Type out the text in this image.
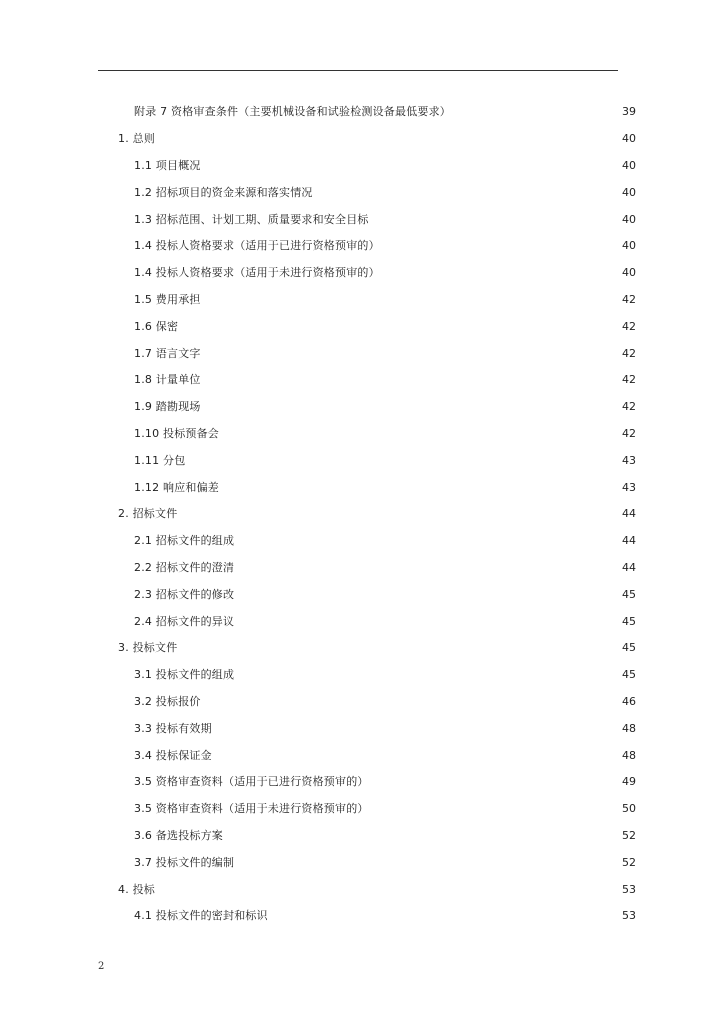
附录 7 资格审查条件（主要机械设备和试验检测设备最低要求）	39
1. 总则	40
1.1 项目概况	40
1.2 招标项目的资金来源和落实情况	40
1.3 招标范围、计划工期、质量要求和安全目标	40
1.4 投标人资格要求（适用于已进行资格预审的）	40
1.4 投标人资格要求（适用于未进行资格预审的）	40
1.5 费用承担	42
1.6 保密	42
1.7 语言文字	42
1.8 计量单位	42
1.9 踏勘现场	42
1.10 投标预备会	42
1.11 分包	43
1.12 响应和偏差	43
2. 招标文件	44
2.1 招标文件的组成	44
2.2 招标文件的澄清	44
2.3 招标文件的修改	45
2.4 招标文件的异议	45
3. 投标文件	45
3.1 投标文件的组成	45
3.2 投标报价	46
3.3 投标有效期	48
3.4 投标保证金	48
3.5 资格审查资料（适用于已进行资格预审的）	49
3.5 资格审查资料（适用于未进行资格预审的）	50
3.6 备选投标方案	52
3.7 投标文件的编制	52
4. 投标	53
4.1 投标文件的密封和标识	53
2
